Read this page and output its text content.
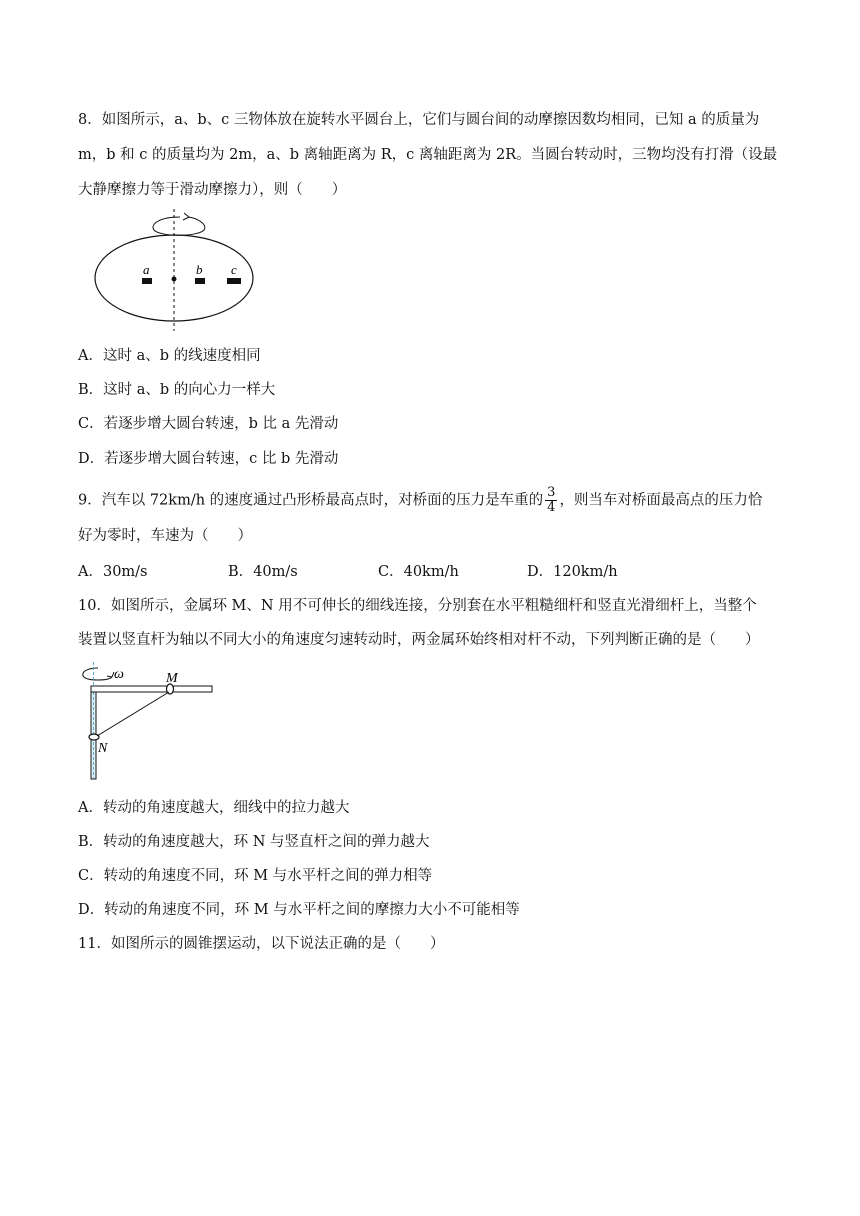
8．如图所示，a、b、c 三物体放在旋转水平圆台上，它们与圆台间的动摩擦因数均相同，已知 a 的质量为
m，b 和 c 的质量均为 2m，a、b 离轴距离为 R，c 离轴距离为 2R。当圆台转动时，三物均没有打滑（设最
大静摩擦力等于滑动摩擦力），则（　　）
a	b c
A．这时 a、b 的线速度相同
B．这时 a、b 的向心力一样大
C．若逐步增大圆台转速，b 比 a 先滑动
D．若逐步增大圆台转速，c 比 b 先滑动
9．汽车以 72km/h 的速度通过凸形桥最高点时，对桥面的压力是车重的 $\frac{3}{4}$ ，则当车对桥面最高点的压力恰
好为零时，车速为（　　）
A．30m/s	B．40m/s	C．40km/h	D．120km/h
10．如图所示，金属环 M、N 用不可伸长的细线连接，分别套在水平粗糙细杆和竖直光滑细杆上，当整个
装置以竖直杆为轴以不同大小的角速度匀速转动时，两金属环始终相对杆不动，下列判断正确的是（　　）
ω	M
N
A．转动的角速度越大，细线中的拉力越大
B．转动的角速度越大，环 N 与竖直杆之间的弹力越大
C．转动的角速度不同，环 M 与水平杆之间的弹力相等
D．转动的角速度不同，环 M 与水平杆之间的摩擦力大小不可能相等
11．如图所示的圆锥摆运动，以下说法正确的是（　　）
